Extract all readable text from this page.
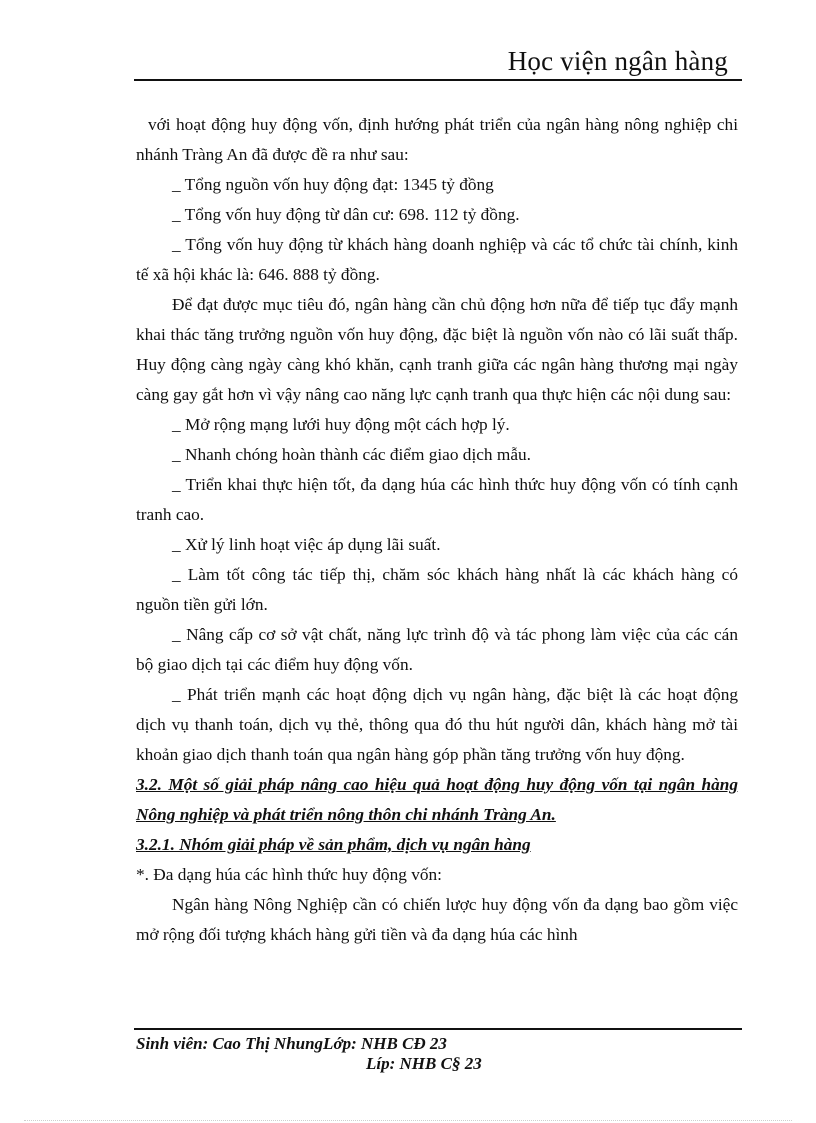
Học viện ngân hàng

với hoạt động huy động vốn, định hướng phát triển của ngân hàng nông nghiệp chi nhánh Tràng An đã được đề ra như sau:

_ Tổng nguồn vốn huy động đạt: 1345 tỷ đồng

_ Tổng vốn huy động từ dân cư: 698. 112 tỷ đồng.

_ Tổng vốn huy động từ khách hàng doanh nghiệp và các tổ chức tài chính, kinh tế xã hội khác là: 646. 888 tỷ đồng.

Để đạt được mục tiêu đó, ngân hàng cần chủ động hơn nữa để tiếp tục đẩy mạnh khai thác tăng trưởng nguồn vốn huy động, đặc biệt là nguồn vốn nào có lãi suất thấp. Huy động càng ngày càng khó khăn, cạnh tranh giữa các ngân hàng thương mại ngày càng gay gắt hơn vì vậy nâng cao năng lực cạnh tranh qua thực hiện các nội dung sau:

_ Mở rộng mạng lưới huy động một cách hợp lý.

_ Nhanh chóng hoàn thành các điểm giao dịch mẫu.

_ Triển khai thực hiện tốt, đa dạng húa các hình thức huy động vốn có tính cạnh tranh cao.

_ Xử lý linh hoạt việc áp dụng lãi suất.

_ Làm tốt công tác tiếp thị, chăm sóc khách hàng nhất là các khách hàng có nguồn tiền gửi lớn.

_ Nâng cấp cơ sở vật chất, năng lực trình độ và tác phong làm việc của các cán bộ giao dịch tại các điểm huy động vốn.

_ Phát triển mạnh các hoạt động dịch vụ ngân hàng, đặc biệt là các hoạt động dịch vụ thanh toán, dịch vụ thẻ, thông qua đó thu hút người dân, khách hàng mở tài khoản giao dịch thanh toán qua ngân hàng góp phần tăng trưởng vốn huy động.

3.2. Một số giải pháp nâng cao hiệu quả hoạt động huy động vốn tại ngân hàng Nông nghiệp và phát triển nông thôn chi nhánh Tràng An.

3.2.1. Nhóm giải pháp về sản phẩm, dịch vụ ngân hàng

*. Đa dạng húa các hình thức huy động vốn:

Ngân hàng Nông Nghiệp cần có chiến lược huy động vốn đa dạng bao gồm việc mở rộng đối tượng khách hàng gửi tiền và đa dạng húa các hình

Sinh viên: Cao Thị NhungLớp: NHB CĐ 23
Líp: NHB C§ 23
